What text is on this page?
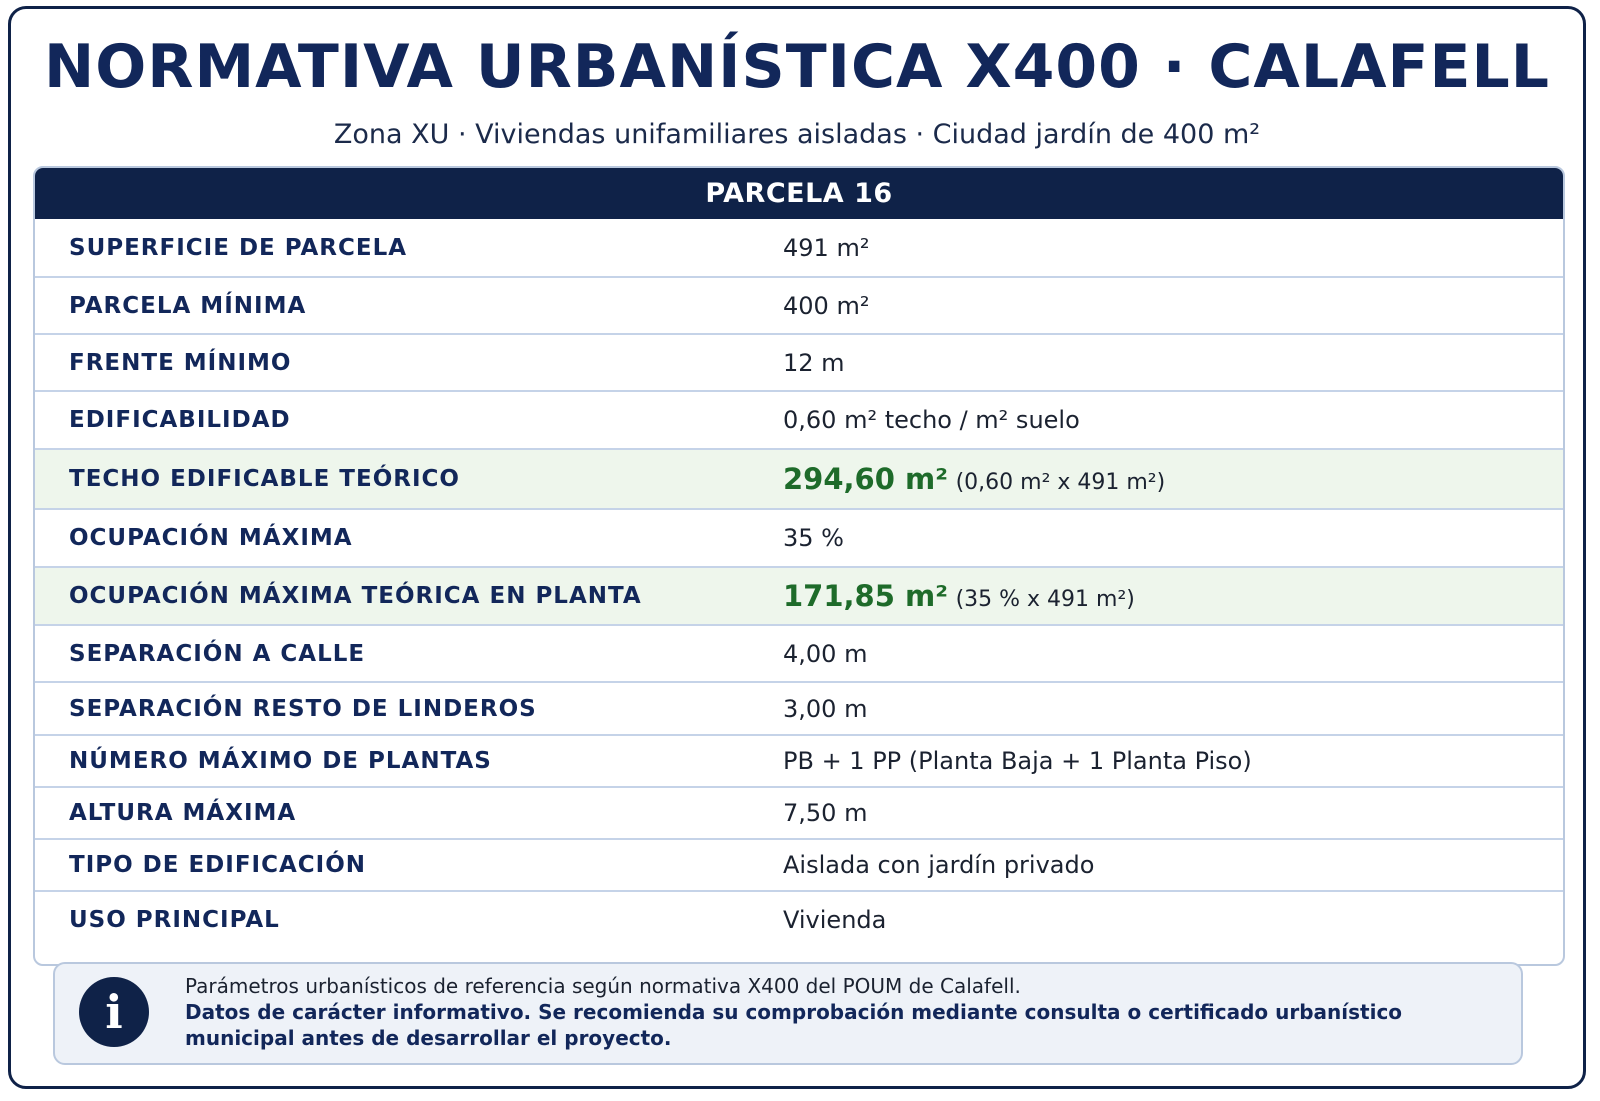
NORMATIVA URBANÍSTICA X400 · CALAFELL
Zona XU · Viviendas unifamiliares aisladas · Ciudad jardín de 400 m²
PARCELA 16
SUPERFICIE DE PARCELA	491 m²
PARCELA MÍNIMA	400 m²
FRENTE MÍNIMO	12 m
EDIFICABILIDAD	0,60 m² techo / m² suelo
TECHO EDIFICABLE TEÓRICO	294,60 m² (0,60 m² x 491 m²)
OCUPACIÓN MÁXIMA	35 %
OCUPACIÓN MÁXIMA TEÓRICA EN PLANTA	171,85 m² (35 % x 491 m²)
SEPARACIÓN A CALLE	4,00 m
SEPARACIÓN RESTO DE LINDEROS	3,00 m
NÚMERO MÁXIMO DE PLANTAS	PB + 1 PP (Planta Baja + 1 Planta Piso)
ALTURA MÁXIMA	7,50 m
TIPO DE EDIFICACIÓN	Aislada con jardín privado
USO PRINCIPAL	Vivienda
i	Parámetros urbanísticos de referencia según normativa X400 del POUM de Calafell.
Datos de carácter informativo. Se recomienda su comprobación mediante consulta o certificado urbanístico municipal antes de desarrollar el proyecto.
